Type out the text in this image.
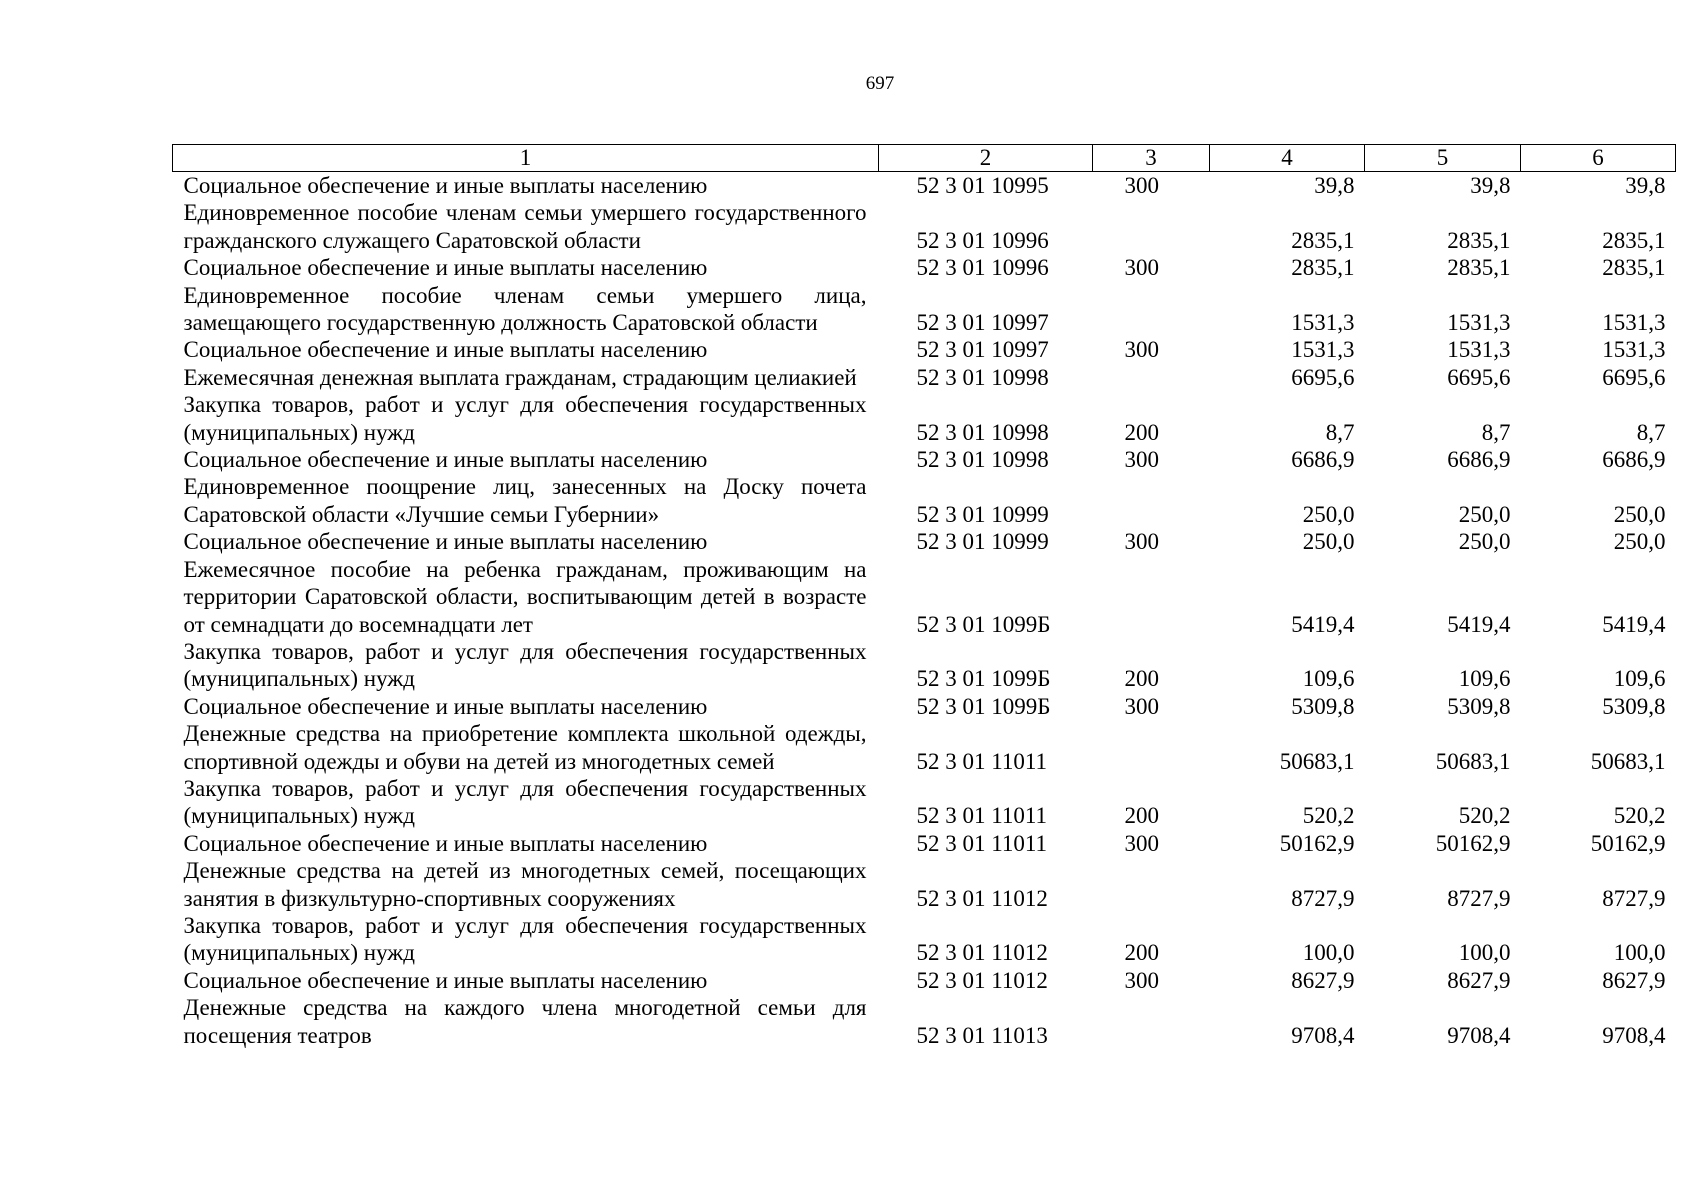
697
1	2	3	4	5	6
Социальное обеспечение и иные выплаты населению	52 3 01 10995	300	39,8	39,8	39,8
Единовременное пособие членам семьи умершего государственного гражданского служащего Саратовской области	52 3 01 10996		2835,1	2835,1	2835,1
Социальное обеспечение и иные выплаты населению	52 3 01 10996	300	2835,1	2835,1	2835,1
Единовременное пособие членам семьи умершего лица, замещающего государственную должность Саратовской области	52 3 01 10997		1531,3	1531,3	1531,3
Социальное обеспечение и иные выплаты населению	52 3 01 10997	300	1531,3	1531,3	1531,3
Ежемесячная денежная выплата гражданам, страдающим целиакией	52 3 01 10998		6695,6	6695,6	6695,6
Закупка товаров, работ и услуг для обеспечения государственных (муниципальных) нужд	52 3 01 10998	200	8,7	8,7	8,7
Социальное обеспечение и иные выплаты населению	52 3 01 10998	300	6686,9	6686,9	6686,9
Единовременное поощрение лиц, занесенных на Доску почета Саратовской области «Лучшие семьи Губернии»	52 3 01 10999		250,0	250,0	250,0
Социальное обеспечение и иные выплаты населению	52 3 01 10999	300	250,0	250,0	250,0
Ежемесячное пособие на ребенка гражданам, проживающим на территории Саратовской области, воспитывающим детей в возрасте от семнадцати до восемнадцати лет	52 3 01 1099Б		5419,4	5419,4	5419,4
Закупка товаров, работ и услуг для обеспечения государственных (муниципальных) нужд	52 3 01 1099Б	200	109,6	109,6	109,6
Социальное обеспечение и иные выплаты населению	52 3 01 1099Б	300	5309,8	5309,8	5309,8
Денежные средства на приобретение комплекта школьной одежды, спортивной одежды и обуви на детей из многодетных семей	52 3 01 11011		50683,1	50683,1	50683,1
Закупка товаров, работ и услуг для обеспечения государственных (муниципальных) нужд	52 3 01 11011	200	520,2	520,2	520,2
Социальное обеспечение и иные выплаты населению	52 3 01 11011	300	50162,9	50162,9	50162,9
Денежные средства на детей из многодетных семей, посещающих занятия в физкультурно-спортивных сооружениях	52 3 01 11012		8727,9	8727,9	8727,9
Закупка товаров, работ и услуг для обеспечения государственных (муниципальных) нужд	52 3 01 11012	200	100,0	100,0	100,0
Социальное обеспечение и иные выплаты населению	52 3 01 11012	300	8627,9	8627,9	8627,9
Денежные средства на каждого члена многодетной семьи для посещения театров	52 3 01 11013		9708,4	9708,4	9708,4
